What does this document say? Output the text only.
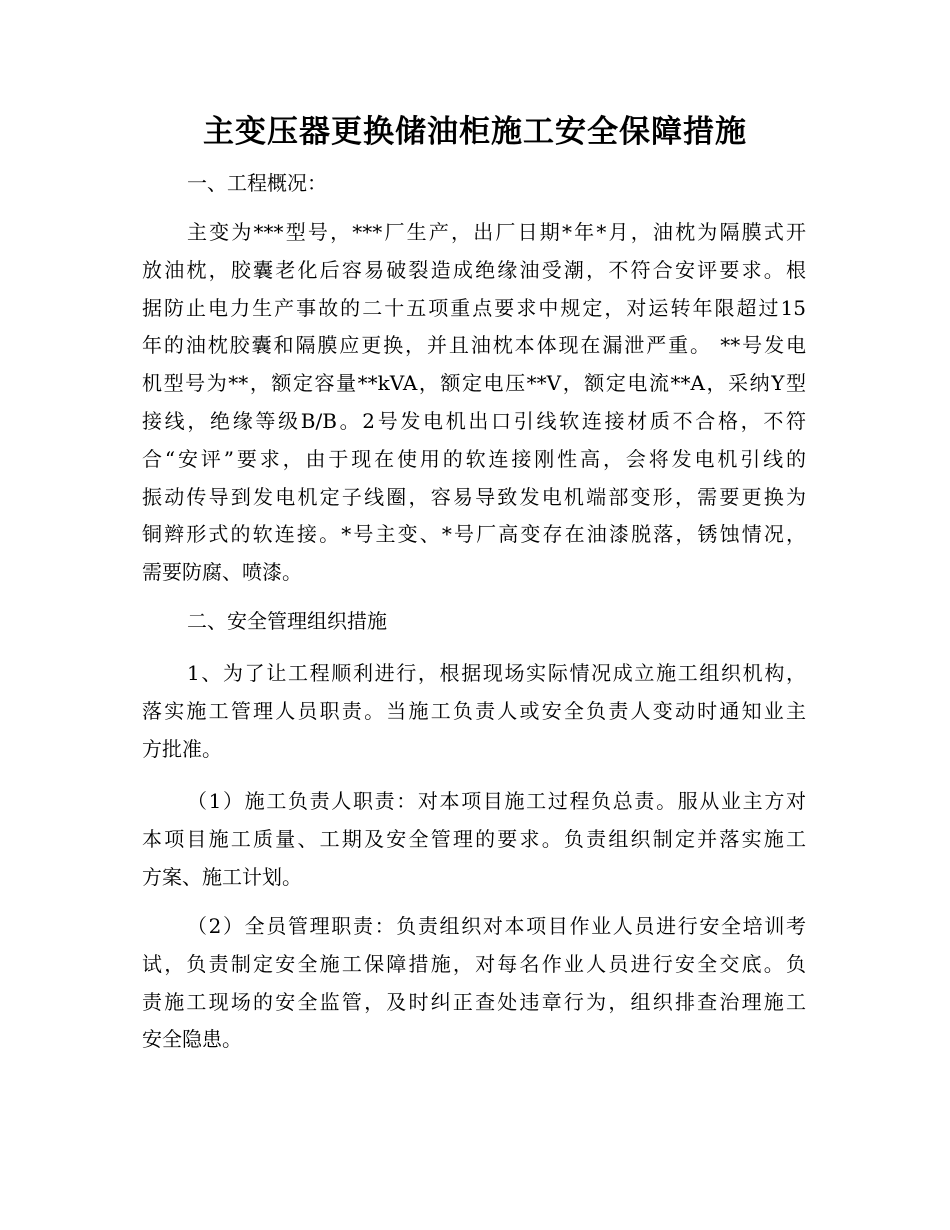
主变压器更换储油柜施工安全保障措施
一、工程概况：
主变为***型号，***厂生产，出厂日期*年*月，油枕为隔膜式开
放油枕，胶囊老化后容易破裂造成绝缘油受潮，不符合安评要求。根
据防止电力生产事故的二十五项重点要求中规定，对运转年限超过15
年的油枕胶囊和隔膜应更换，并且油枕本体现在漏泄严重。 **号发电
机型号为**，额定容量**kVA，额定电压**V，额定电流**A，采纳Y型
接线，绝缘等级B/B。2号发电机出口引线软连接材质不合格，不符
合“安评”要求，由于现在使用的软连接刚性高，会将发电机引线的
振动传导到发电机定子线圈，容易导致发电机端部变形，需要更换为
铜辫形式的软连接。*号主变、*号厂高变存在油漆脱落，锈蚀情况，
需要防腐、喷漆。
二、安全管理组织措施
1、为了让工程顺利进行，根据现场实际情况成立施工组织机构，
落实施工管理人员职责。当施工负责人或安全负责人变动时通知业主
方批准。
（1）施工负责人职责：对本项目施工过程负总责。服从业主方对
本项目施工质量、工期及安全管理的要求。负责组织制定并落实施工
方案、施工计划。
（2）全员管理职责：负责组织对本项目作业人员进行安全培训考
试，负责制定安全施工保障措施，对每名作业人员进行安全交底。负
责施工现场的安全监管，及时纠正查处违章行为，组织排查治理施工
安全隐患。
